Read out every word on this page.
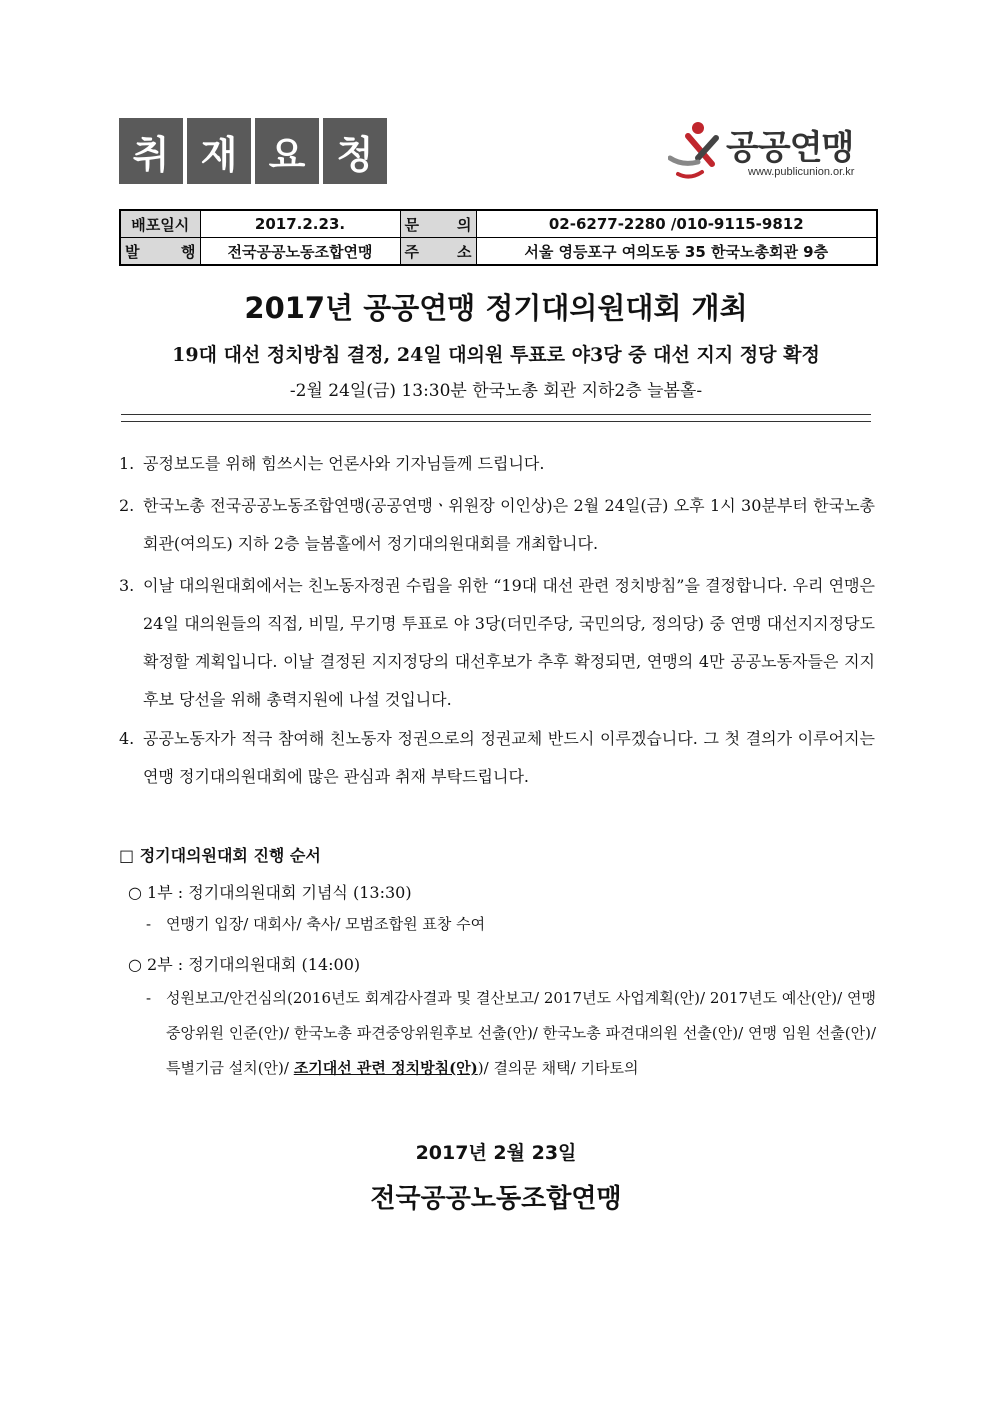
취 재 요 청	공공연맹
www.publicunion.or.kr
배포일시	2017.2.23.	문 의	02-6277-2280 /010-9115-9812
발 행	전국공공노동조합연맹	주 소	서울 영등포구 여의도동 35 한국노총회관 9층
2017년 공공연맹 정기대의원대회 개최
19대 대선 정치방침 결정, 24일 대의원 투표로 야3당 중 대선 지지 정당 확정
-2월 24일(금) 13:30분 한국노총 회관 지하2층 늘봄홀-
1. 공정보도를 위해 힘쓰시는 언론사와 기자님들께 드립니다.
2. 한국노총 전국공공노동조합연맹(공공연맹ㆍ위원장 이인상)은 2월 24일(금) 오후 1시 30분부터 한국노총회관(여의도) 지하 2층 늘봄홀에서 정기대의원대회를 개최합니다.
3. 이날 대의원대회에서는 친노동자정권 수립을 위한 “19대 대선 관련 정치방침”을 결정합니다. 우리 연맹은 24일 대의원들의 직접, 비밀, 무기명 투표로 야 3당(더민주당, 국민의당, 정의당) 중 연맹 대선지지정당도 확정할 계획입니다. 이날 결정된 지지정당의 대선후보가 추후 확정되면, 연맹의 4만 공공노동자들은 지지 후보 당선을 위해 총력지원에 나설 것입니다.
4. 공공노동자가 적극 참여해 친노동자 정권으로의 정권교체 반드시 이루겠습니다. 그 첫 결의가 이루어지는 연맹 정기대의원대회에 많은 관심과 취재 부탁드립니다.
□ 정기대의원대회 진행 순서
○ 1부 : 정기대의원대회 기념식 (13:30)
- 연맹기 입장/ 대회사/ 축사/ 모범조합원 표창 수여
○ 2부 : 정기대의원대회 (14:00)
- 성원보고/안건심의(2016년도 회계감사결과 및 결산보고/ 2017년도 사업계획(안)/ 2017년도 예산(안)/ 연맹 중앙위원 인준(안)/ 한국노총 파견중앙위원후보 선출(안)/ 한국노총 파견대의원 선출(안)/ 연맹 임원 선출(안)/ 특별기금 설치(안)/ 조기대선 관련 정치방침(안))/ 결의문 채택/ 기타토의
2017년 2월 23일
전국공공노동조합연맹
